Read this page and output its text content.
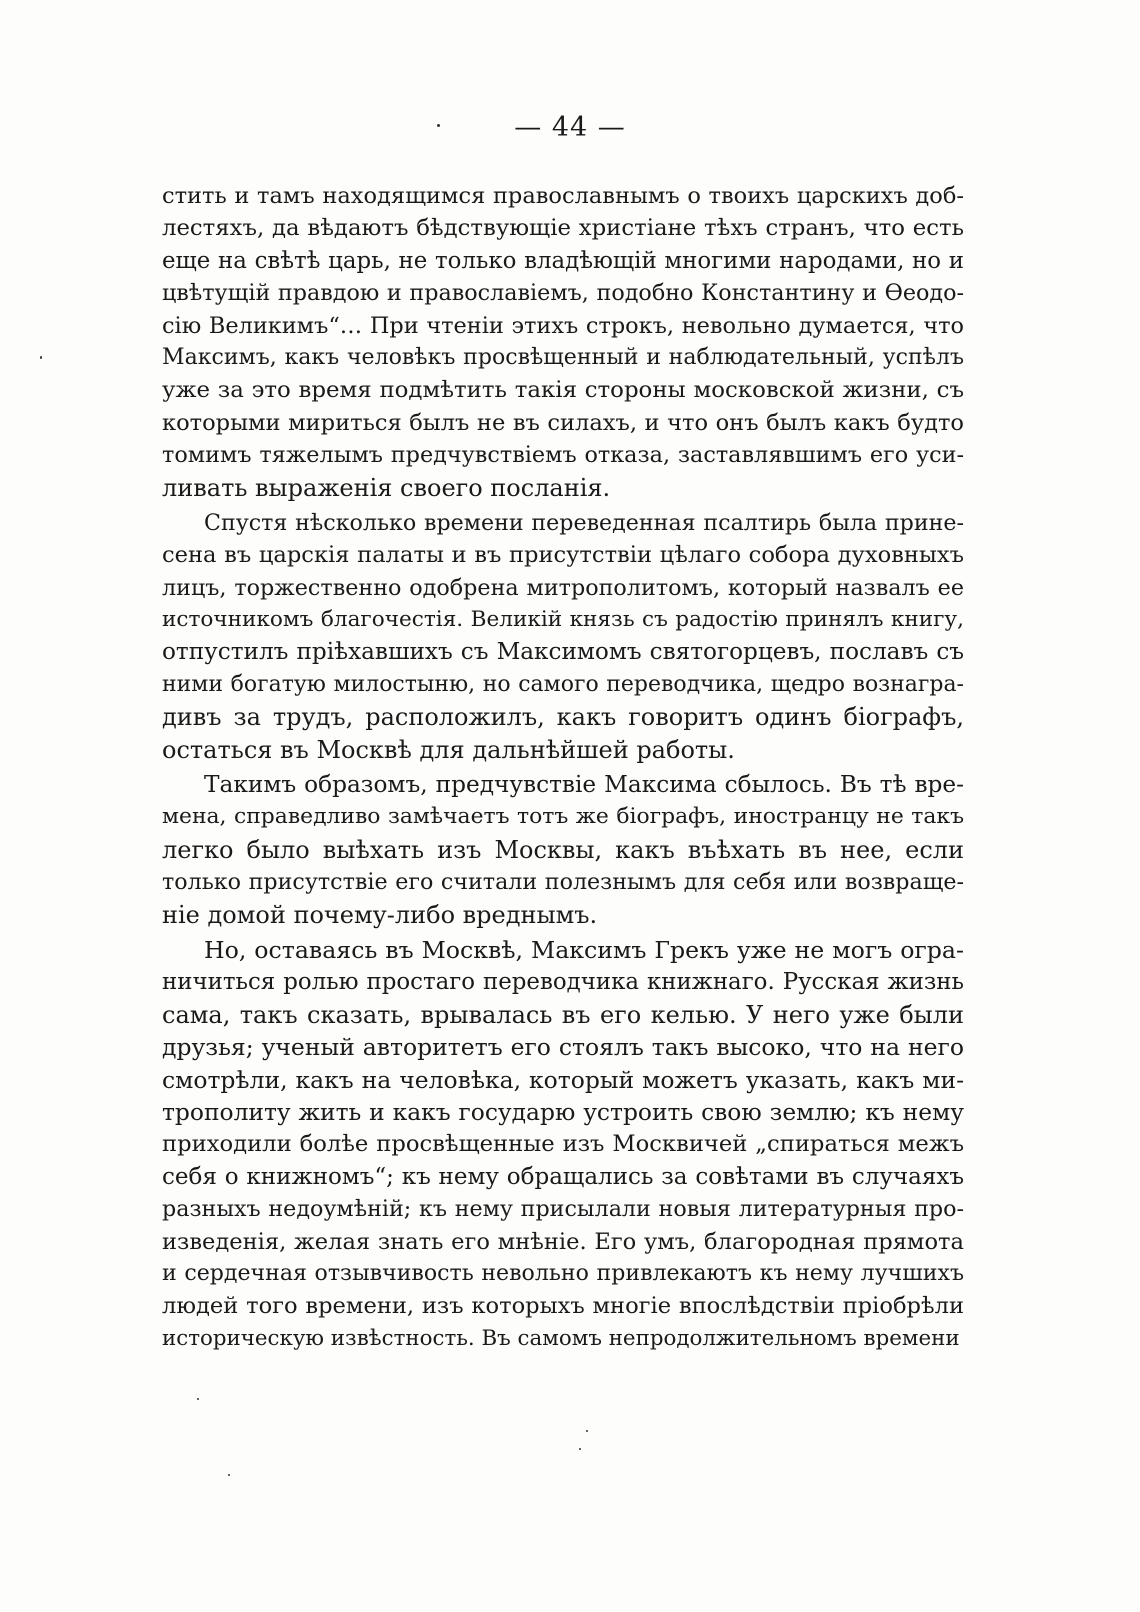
— 44 —
стить и тамъ находящимся православнымъ о твоихъ царскихъ доб-
лестяхъ, да вѣдаютъ бѣдствующіе христіане тѣхъ странъ, что есть
еще на свѣтѣ царь, не только владѣющій многими народами, но и
цвѣтущій правдою и православіемъ, подобно Константину и Ѳеодо-
сію Великимъ“… При чтеніи этихъ строкъ, невольно думается, что
Максимъ, какъ человѣкъ просвѣщенный и наблюдательный, успѣлъ
уже за это время подмѣтить такія стороны московской жизни, съ
которыми мириться былъ не въ силахъ, и что онъ былъ какъ будто
томимъ тяжелымъ предчувствіемъ отказа, заставлявшимъ его уси-
ливать выраженія своего посланія.
Спустя нѣсколько времени переведенная псалтирь была принe-
сена въ царскія палаты и въ присутствіи цѣлаго собора духовныхъ
лицъ, торжественно одобрена митрополитомъ, который назвалъ ее
источникомъ благочестія. Великій князь съ радостію принялъ книгу,
отпустилъ пріѣхавшихъ съ Максимомъ святогорцевъ, пославъ съ
ними богатую милостыню, но самого переводчика, щедро вознагра-
дивъ за трудъ, расположилъ, какъ говоритъ одинъ біографъ,
остаться въ Москвѣ для дальнѣйшей работы.
Такимъ образомъ, предчувствіе Максима сбылось. Въ тѣ вре-
мена, справедливо замѣчаетъ тотъ же біографъ, иностранцу не такъ
легко было выѣхать изъ Москвы, какъ въѣхать въ нее, если
только присутствіе его считали полезнымъ для себя или возвраще-
ніе домой почему-либо вреднымъ.
Но, оставаясь въ Москвѣ, Максимъ Грекъ уже не могъ огра-
ничиться ролью простаго переводчика книжнаго. Русская жизнь
сама, такъ сказать, врывалась въ его келью. У него уже были
друзья; ученый авторитетъ его стоялъ такъ высоко, что на него
смотрѣли, какъ на человѣка, который можетъ указать, какъ ми-
трополиту жить и какъ государю устроить свою землю; къ нему
приходили болѣе просвѣщенные изъ Москвичей „спираться межъ
себя о книжномъ“; къ нему обращались за совѣтами въ случаяхъ
разныхъ недоумѣній; къ нему присылали новыя литературныя про-
изведенія, желая знать его мнѣніе. Его умъ, благородная прямота
и сердечная отзывчивость невольно привлекаютъ къ нему лучшихъ
людей того времени, изъ которыхъ многіе впослѣдствіи пріобрѣли
историческую извѣстность. Въ самомъ непродолжительномъ времени
